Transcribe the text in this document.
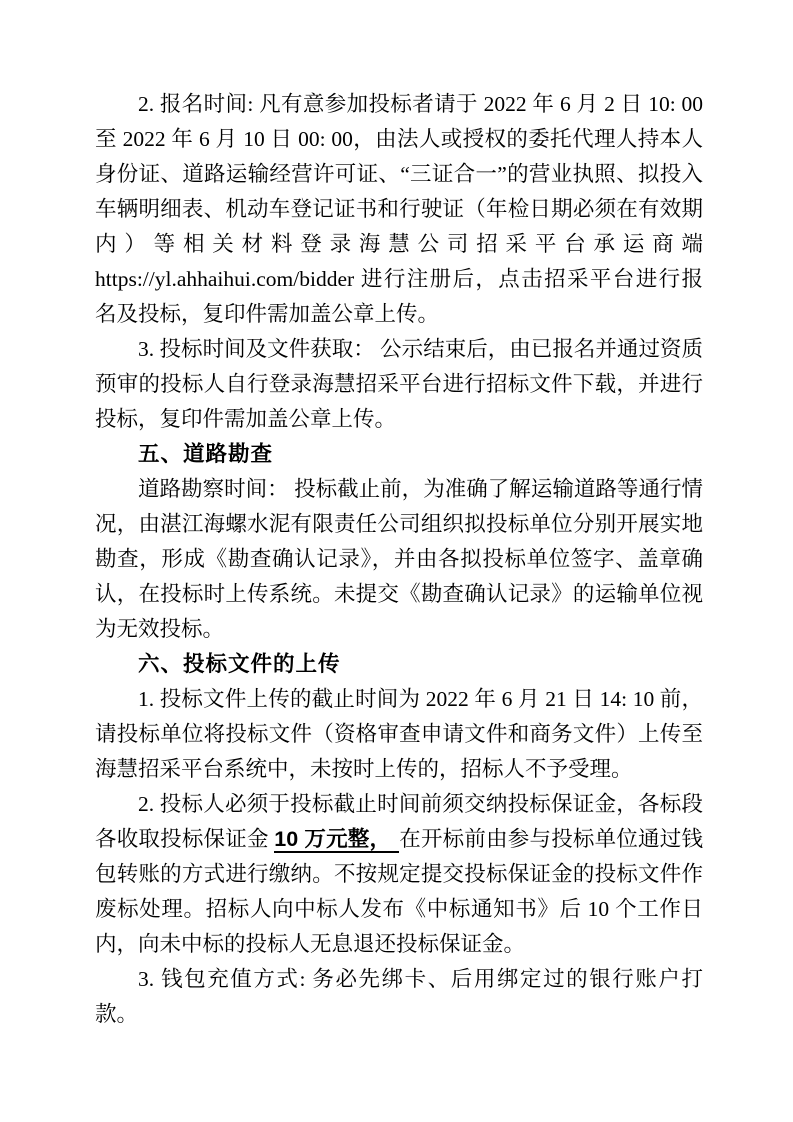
2. 报名时间: 凡有意参加投标者请于 2022 年 6 月 2 日 10: 00 至 2022 年 6 月 10 日 00: 00，由法人或授权的委托代理人持本人身份证、道路运输经营许可证、“三证合一”的营业执照、拟投入车辆明细表、机动车登记证书和行驶证（年检日期必须在有效期内）等相关材料登录海慧公司招采平台承运商端 https://yl.ahhaihui.com/bidder 进行注册后，点击招采平台进行报名及投标，复印件需加盖公章上传。

3. 投标时间及文件获取： 公示结束后，由已报名并通过资质预审的投标人自行登录海慧招采平台进行招标文件下载，并进行投标，复印件需加盖公章上传。

五、道路勘查

道路勘察时间： 投标截止前，为准确了解运输道路等通行情况，由湛江海螺水泥有限责任公司组织拟投标单位分别开展实地勘查，形成《勘查确认记录》，并由各拟投标单位签字、盖章确认，在投标时上传系统。未提交《勘查确认记录》的运输单位视为无效投标。

六、投标文件的上传

1. 投标文件上传的截止时间为 2022 年 6 月 21 日 14: 10 前，请投标单位将投标文件（资格审查申请文件和商务文件）上传至海慧招采平台系统中，未按时上传的，招标人不予受理。

2. 投标人必须于投标截止时间前须交纳投标保证金，各标段各收取投标保证金 10 万元整， 在开标前由参与投标单位通过钱包转账的方式进行缴纳。不按规定提交投标保证金的投标文件作废标处理。招标人向中标人发布《中标通知书》后 10 个工作日内，向未中标的投标人无息退还投标保证金。

3. 钱包充值方式: 务必先绑卡、后用绑定过的银行账户打款。
